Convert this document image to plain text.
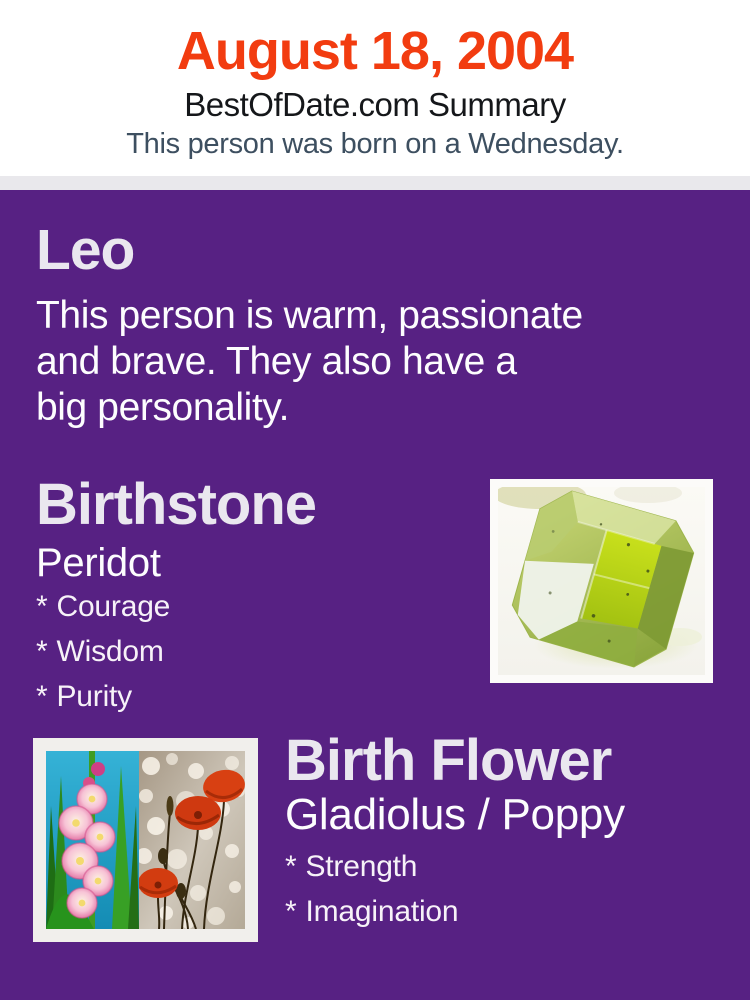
August 18, 2004
BestOfDate.com Summary
This person was born on a Wednesday.
Leo
This person is warm, passionate
and brave. They also have a
big personality.
Birthstone
Peridot
* Courage
* Wisdom
* Purity
Birth Flower
Gladiolus / Poppy
* Strength
* Imagination
